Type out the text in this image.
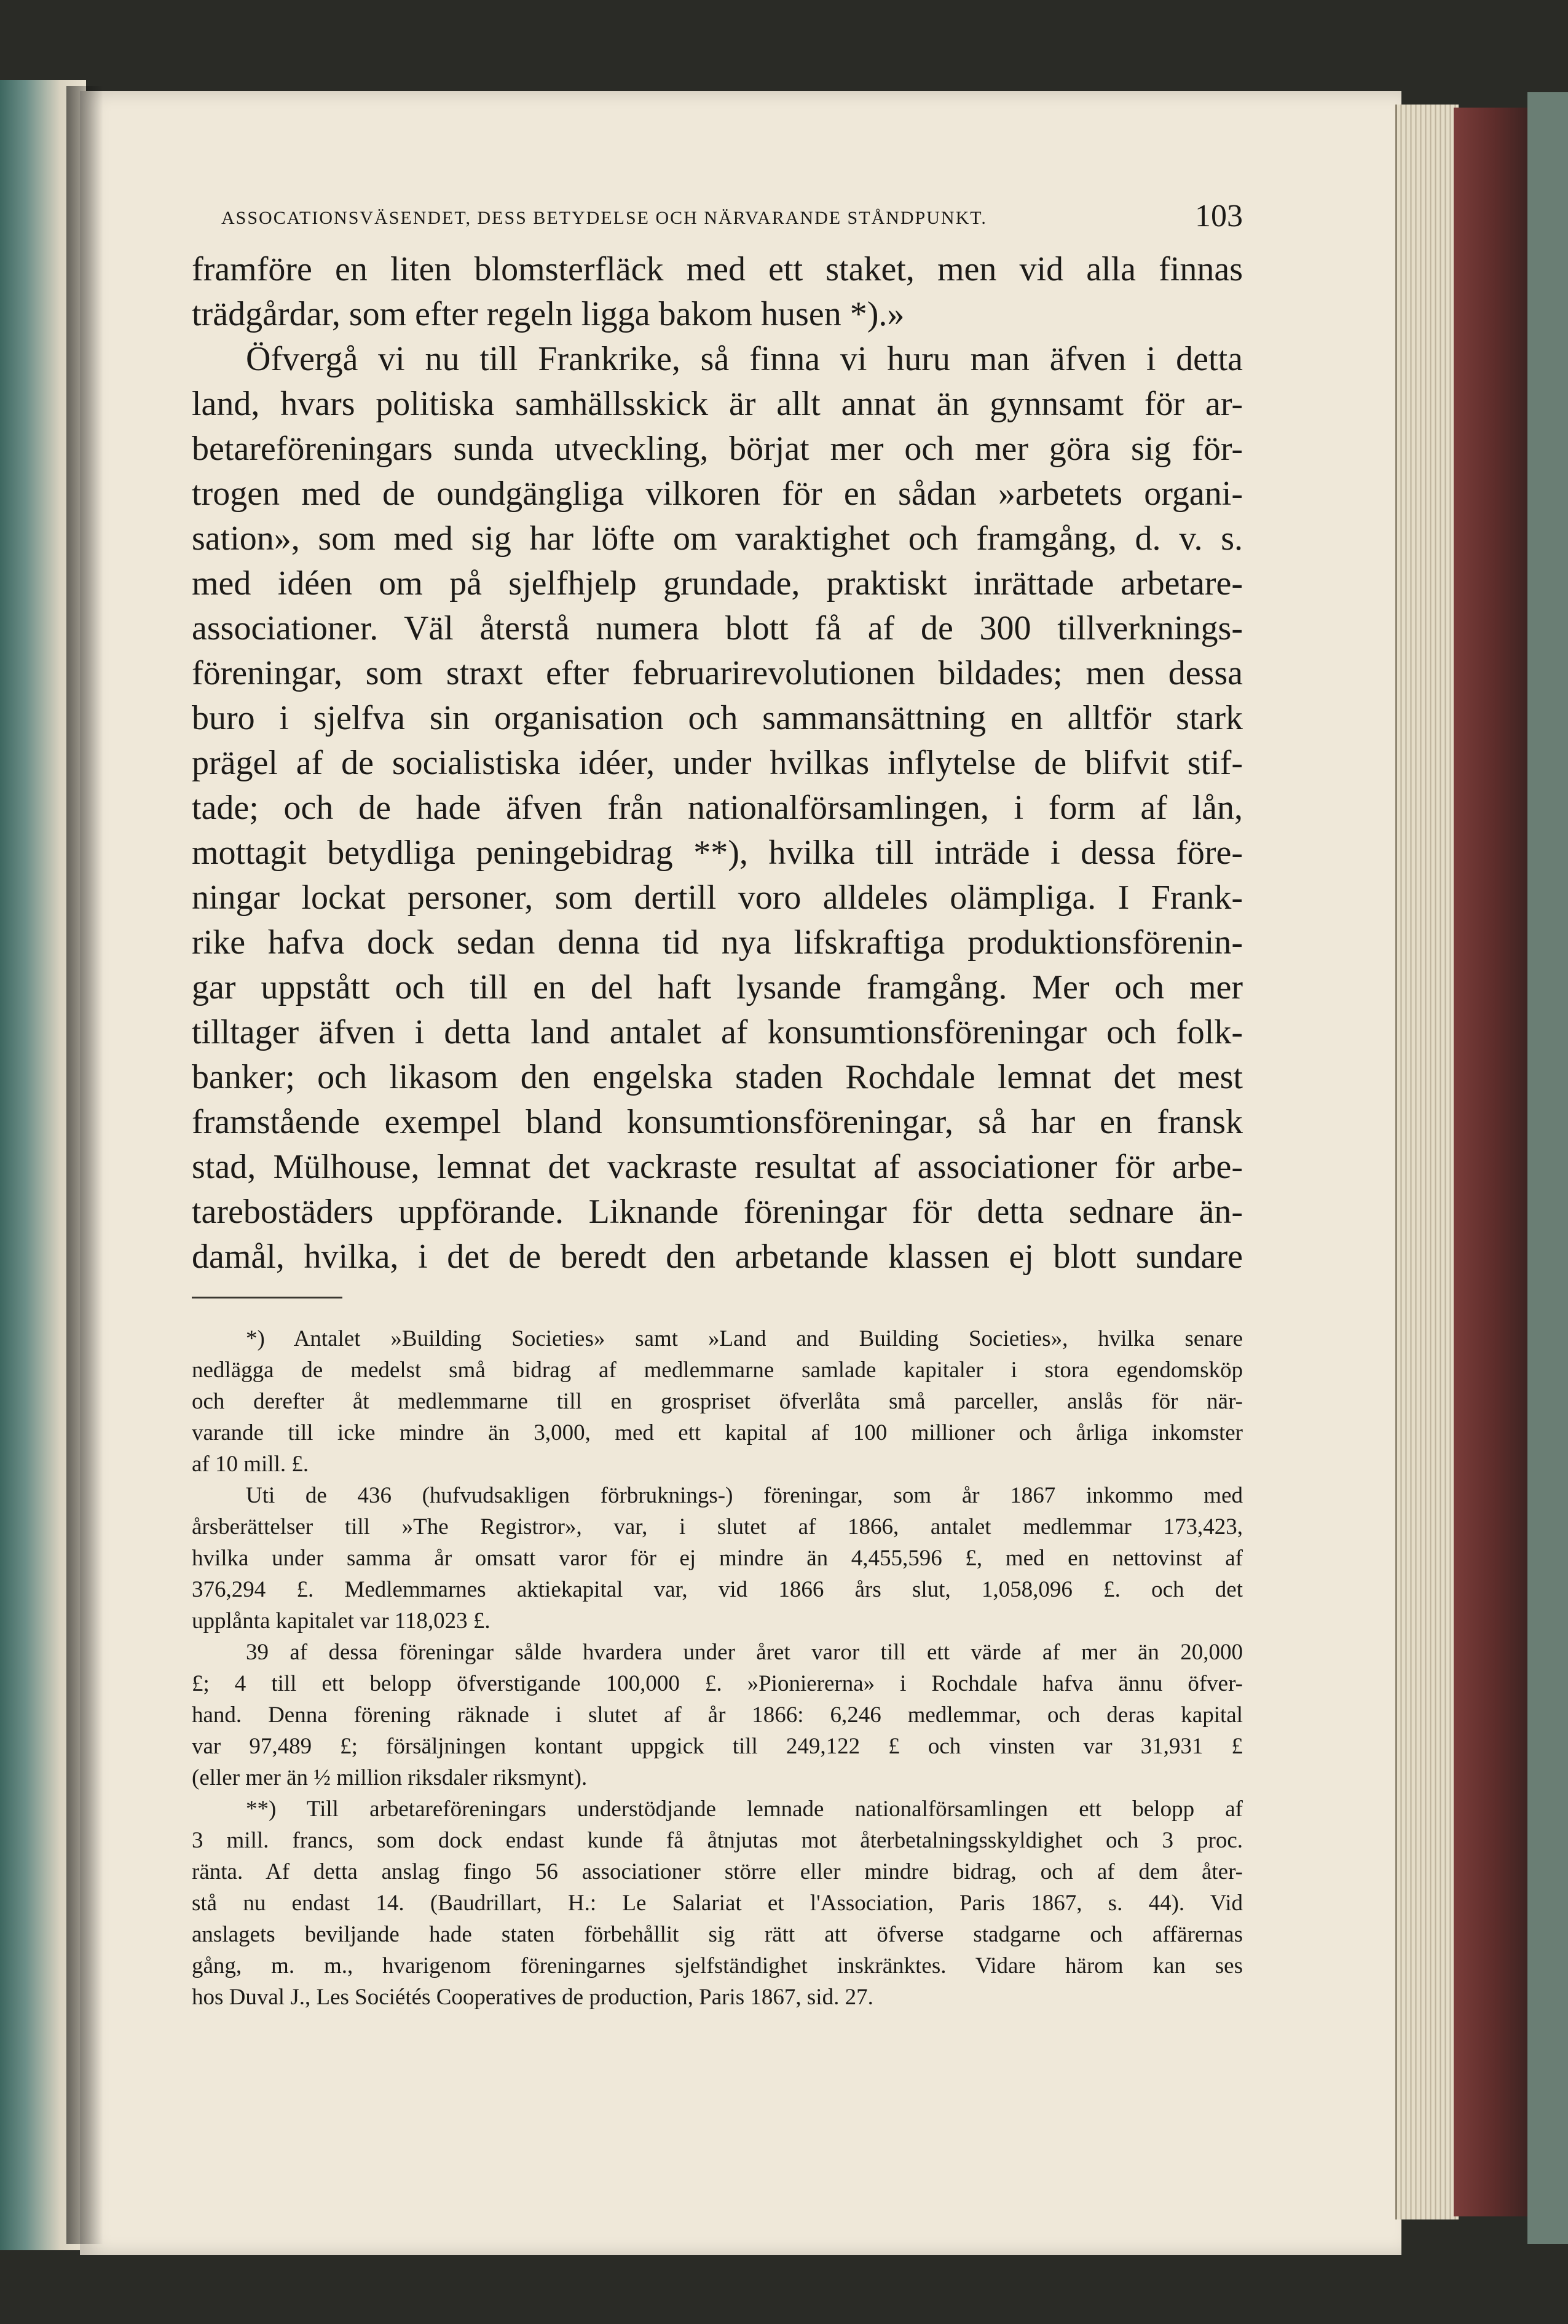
ASSOCATIONSVÄSENDET, DESS BETYDELSE OCH NÄRVARANDE STÅNDPUNKT.	103
framföre en liten blomsterfläck med ett staket, men vid alla finnas
trädgårdar, som efter regeln ligga bakom husen *).»
Öfvergå vi nu till Frankrike, så finna vi huru man äfven i detta
land, hvars politiska samhällsskick är allt annat än gynnsamt för ar-
betareföreningars sunda utveckling, börjat mer och mer göra sig för-
trogen med de oundgängliga vilkoren för en sådan »arbetets organi-
sation», som med sig har löfte om varaktighet och framgång, d. v. s.
med idéen om på sjelfhjelp grundade, praktiskt inrättade arbetare-
associationer. Väl återstå numera blott få af de 300 tillverknings-
föreningar, som straxt efter februarirevolutionen bildades; men dessa
buro i sjelfva sin organisation och sammansättning en alltför stark
prägel af de socialistiska idéer, under hvilkas inflytelse de blifvit stif-
tade; och de hade äfven från nationalförsamlingen, i form af lån,
mottagit betydliga peningebidrag **), hvilka till inträde i dessa före-
ningar lockat personer, som dertill voro alldeles olämpliga. I Frank-
rike hafva dock sedan denna tid nya lifskraftiga produktionsförenin-
gar uppstått och till en del haft lysande framgång. Mer och mer
tilltager äfven i detta land antalet af konsumtionsföreningar och folk-
banker; och likasom den engelska staden Rochdale lemnat det mest
framstående exempel bland konsumtionsföreningar, så har en fransk
stad, Mülhouse, lemnat det vackraste resultat af associationer för arbe-
tarebostäders uppförande. Liknande föreningar för detta sednare än-
damål, hvilka, i det de beredt den arbetande klassen ej blott sundare
*) Antalet »Building Societies» samt »Land and Building Societies», hvilka senare
nedlägga de medelst små bidrag af medlemmarne samlade kapitaler i stora egendomsköp
och derefter åt medlemmarne till en grospriset öfverlåta små parceller, anslås för när-
varande till icke mindre än 3,000, med ett kapital af 100 millioner och årliga inkomster
af 10 mill. £.
Uti de 436 (hufvudsakligen förbruknings-) föreningar, som år 1867 inkommo med
årsberättelser till »The Registror», var, i slutet af 1866, antalet medlemmar 173,423,
hvilka under samma år omsatt varor för ej mindre än 4,455,596 £, med en nettovinst af
376,294 £. Medlemmarnes aktiekapital var, vid 1866 års slut, 1,058,096 £. och det
upplånta kapitalet var 118,023 £.
39 af dessa föreningar sålde hvardera under året varor till ett värde af mer än 20,000
£; 4 till ett belopp öfverstigande 100,000 £. »Pioniererna» i Rochdale hafva ännu öfver-
hand. Denna förening räknade i slutet af år 1866: 6,246 medlemmar, och deras kapital
var 97,489 £; försäljningen kontant uppgick till 249,122 £ och vinsten var 31,931 £
(eller mer än ½ million riksdaler riksmynt).
**) Till arbetareföreningars understödjande lemnade nationalförsamlingen ett belopp af
3 mill. francs, som dock endast kunde få åtnjutas mot återbetalningsskyldighet och 3 proc.
ränta. Af detta anslag fingo 56 associationer större eller mindre bidrag, och af dem åter-
stå nu endast 14. (Baudrillart, H.: Le Salariat et l'Association, Paris 1867, s. 44). Vid
anslagets beviljande hade staten förbehållit sig rätt att öfverse stadgarne och affärernas
gång, m. m., hvarigenom föreningarnes sjelfständighet inskränktes. Vidare härom kan ses
hos Duval J., Les Sociétés Cooperatives de production, Paris 1867, sid. 27.
